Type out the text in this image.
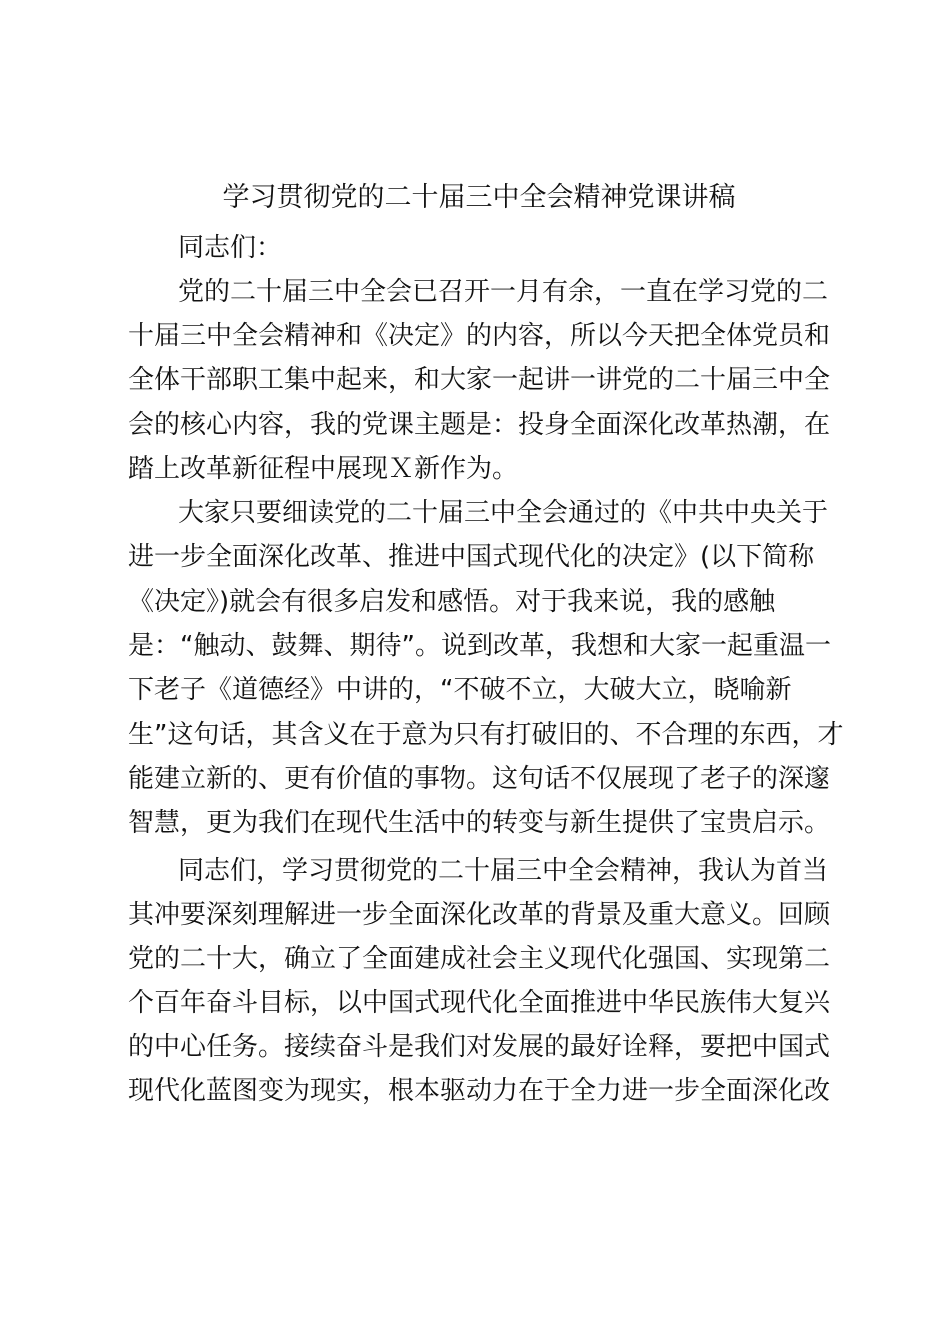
学习贯彻党的二十届三中全会精神党课讲稿
同志们：
党的二十届三中全会已召开一月有余，一直在学习党的二
十届三中全会精神和《决定》的内容，所以今天把全体党员和
全体干部职工集中起来，和大家一起讲一讲党的二十届三中全
会的核心内容，我的党课主题是：投身全面深化改革热潮，在
踏上改革新征程中展现Ｘ新作为。
大家只要细读党的二十届三中全会通过的《中共中央关于
进一步全面深化改革、推进中国式现代化的决定》(以下简称
《决定》)就会有很多启发和感悟。对于我来说，我的感触
是：“触动、鼓舞、期待”。说到改革，我想和大家一起重温一
下老子《道德经》中讲的，“不破不立，大破大立，晓喻新
生”这句话，其含义在于意为只有打破旧的、不合理的东西，才
能建立新的、更有价值的事物。这句话不仅展现了老子的深邃
智慧，更为我们在现代生活中的转变与新生提供了宝贵启示。
同志们，学习贯彻党的二十届三中全会精神，我认为首当
其冲要深刻理解进一步全面深化改革的背景及重大意义。回顾
党的二十大，确立了全面建成社会主义现代化强国、实现第二
个百年奋斗目标，以中国式现代化全面推进中华民族伟大复兴
的中心任务。接续奋斗是我们对发展的最好诠释，要把中国式
现代化蓝图变为现实，根本驱动力在于全力进一步全面深化改
